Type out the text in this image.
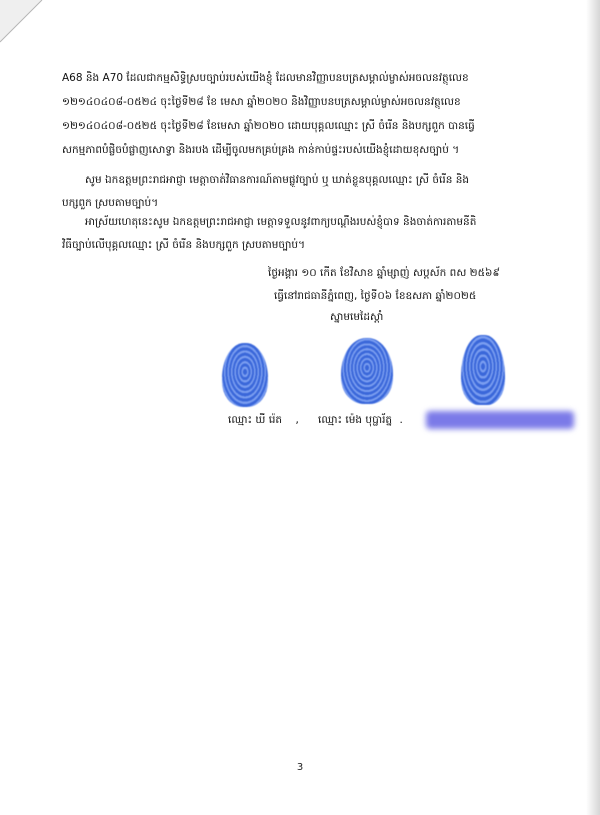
A68 និង A70 ដែលជាកម្មសិទ្ធិស្របច្បាប់របស់យើងខ្ញុំ ដែលមានវិញ្ញាបនបត្រសម្គាល់ម្ចាស់អចលនវត្ថុលេខ
១២១៤០៤០៨-០៥២៤ ចុះថ្ងៃទី២៨ ខែ មេសា ឆ្នាំ២០២០ និងវិញ្ញាបនបត្រសម្គាល់ម្ចាស់អចលនវត្ថុលេខ
១២១៤០៤០៨-០៥២៥ ចុះថ្ងៃទី២៨ ខែមេសា ឆ្នាំ២០២០ ដោយបុគ្គលឈ្មោះ ស្រី ចំរើន និងបក្សពួក បានធ្វើ
សកម្មភាពបំផ្លិចបំផ្លាញសោទ្វា និងរបង ដើម្បីចូលមកគ្រប់គ្រង កាន់កាប់ផ្ទះរបស់យើងខ្ញុំដោយខុសច្បាប់ ។
សូម ឯកឧត្តមព្រះរាជអាជ្ញា មេត្តាចាត់វិធានការណ៍តាមផ្លូវច្បាប់ ឬ ឃាត់ខ្លួនបុគ្គលឈ្មោះ ស្រី ចំរើន និង
បក្សពួក ស្របតាមច្បាប់។
អាស្រ័យហេតុនេះសូម ឯកឧត្តមព្រះរាជអាជ្ញា មេត្តាទទួលនូវពាក្យបណ្ដឹងរបស់ខ្ញុំបាទ និងចាត់ការតាមនីតិ
វិធីច្បាប់លើបុគ្គលឈ្មោះ ស្រី ចំរើន និងបក្សពួក ស្របតាមច្បាប់។
ថ្ងៃអង្គារ ១០ កើត ខែវិសាខ ឆ្នាំម្សាញ់ សប្តស័ក ពស ២៥៦៩
ធ្វើនៅរាជធានីភ្នំពេញ, ថ្ងៃទី០៦ ខែឧសភា ឆ្នាំ២០២៥
ស្នាមមេដៃស្តាំ
ឈ្មោះ ឃី រ៉េត ,	ឈ្មោះ ម៉េង បុប្ផារ័ត្ន .
3
